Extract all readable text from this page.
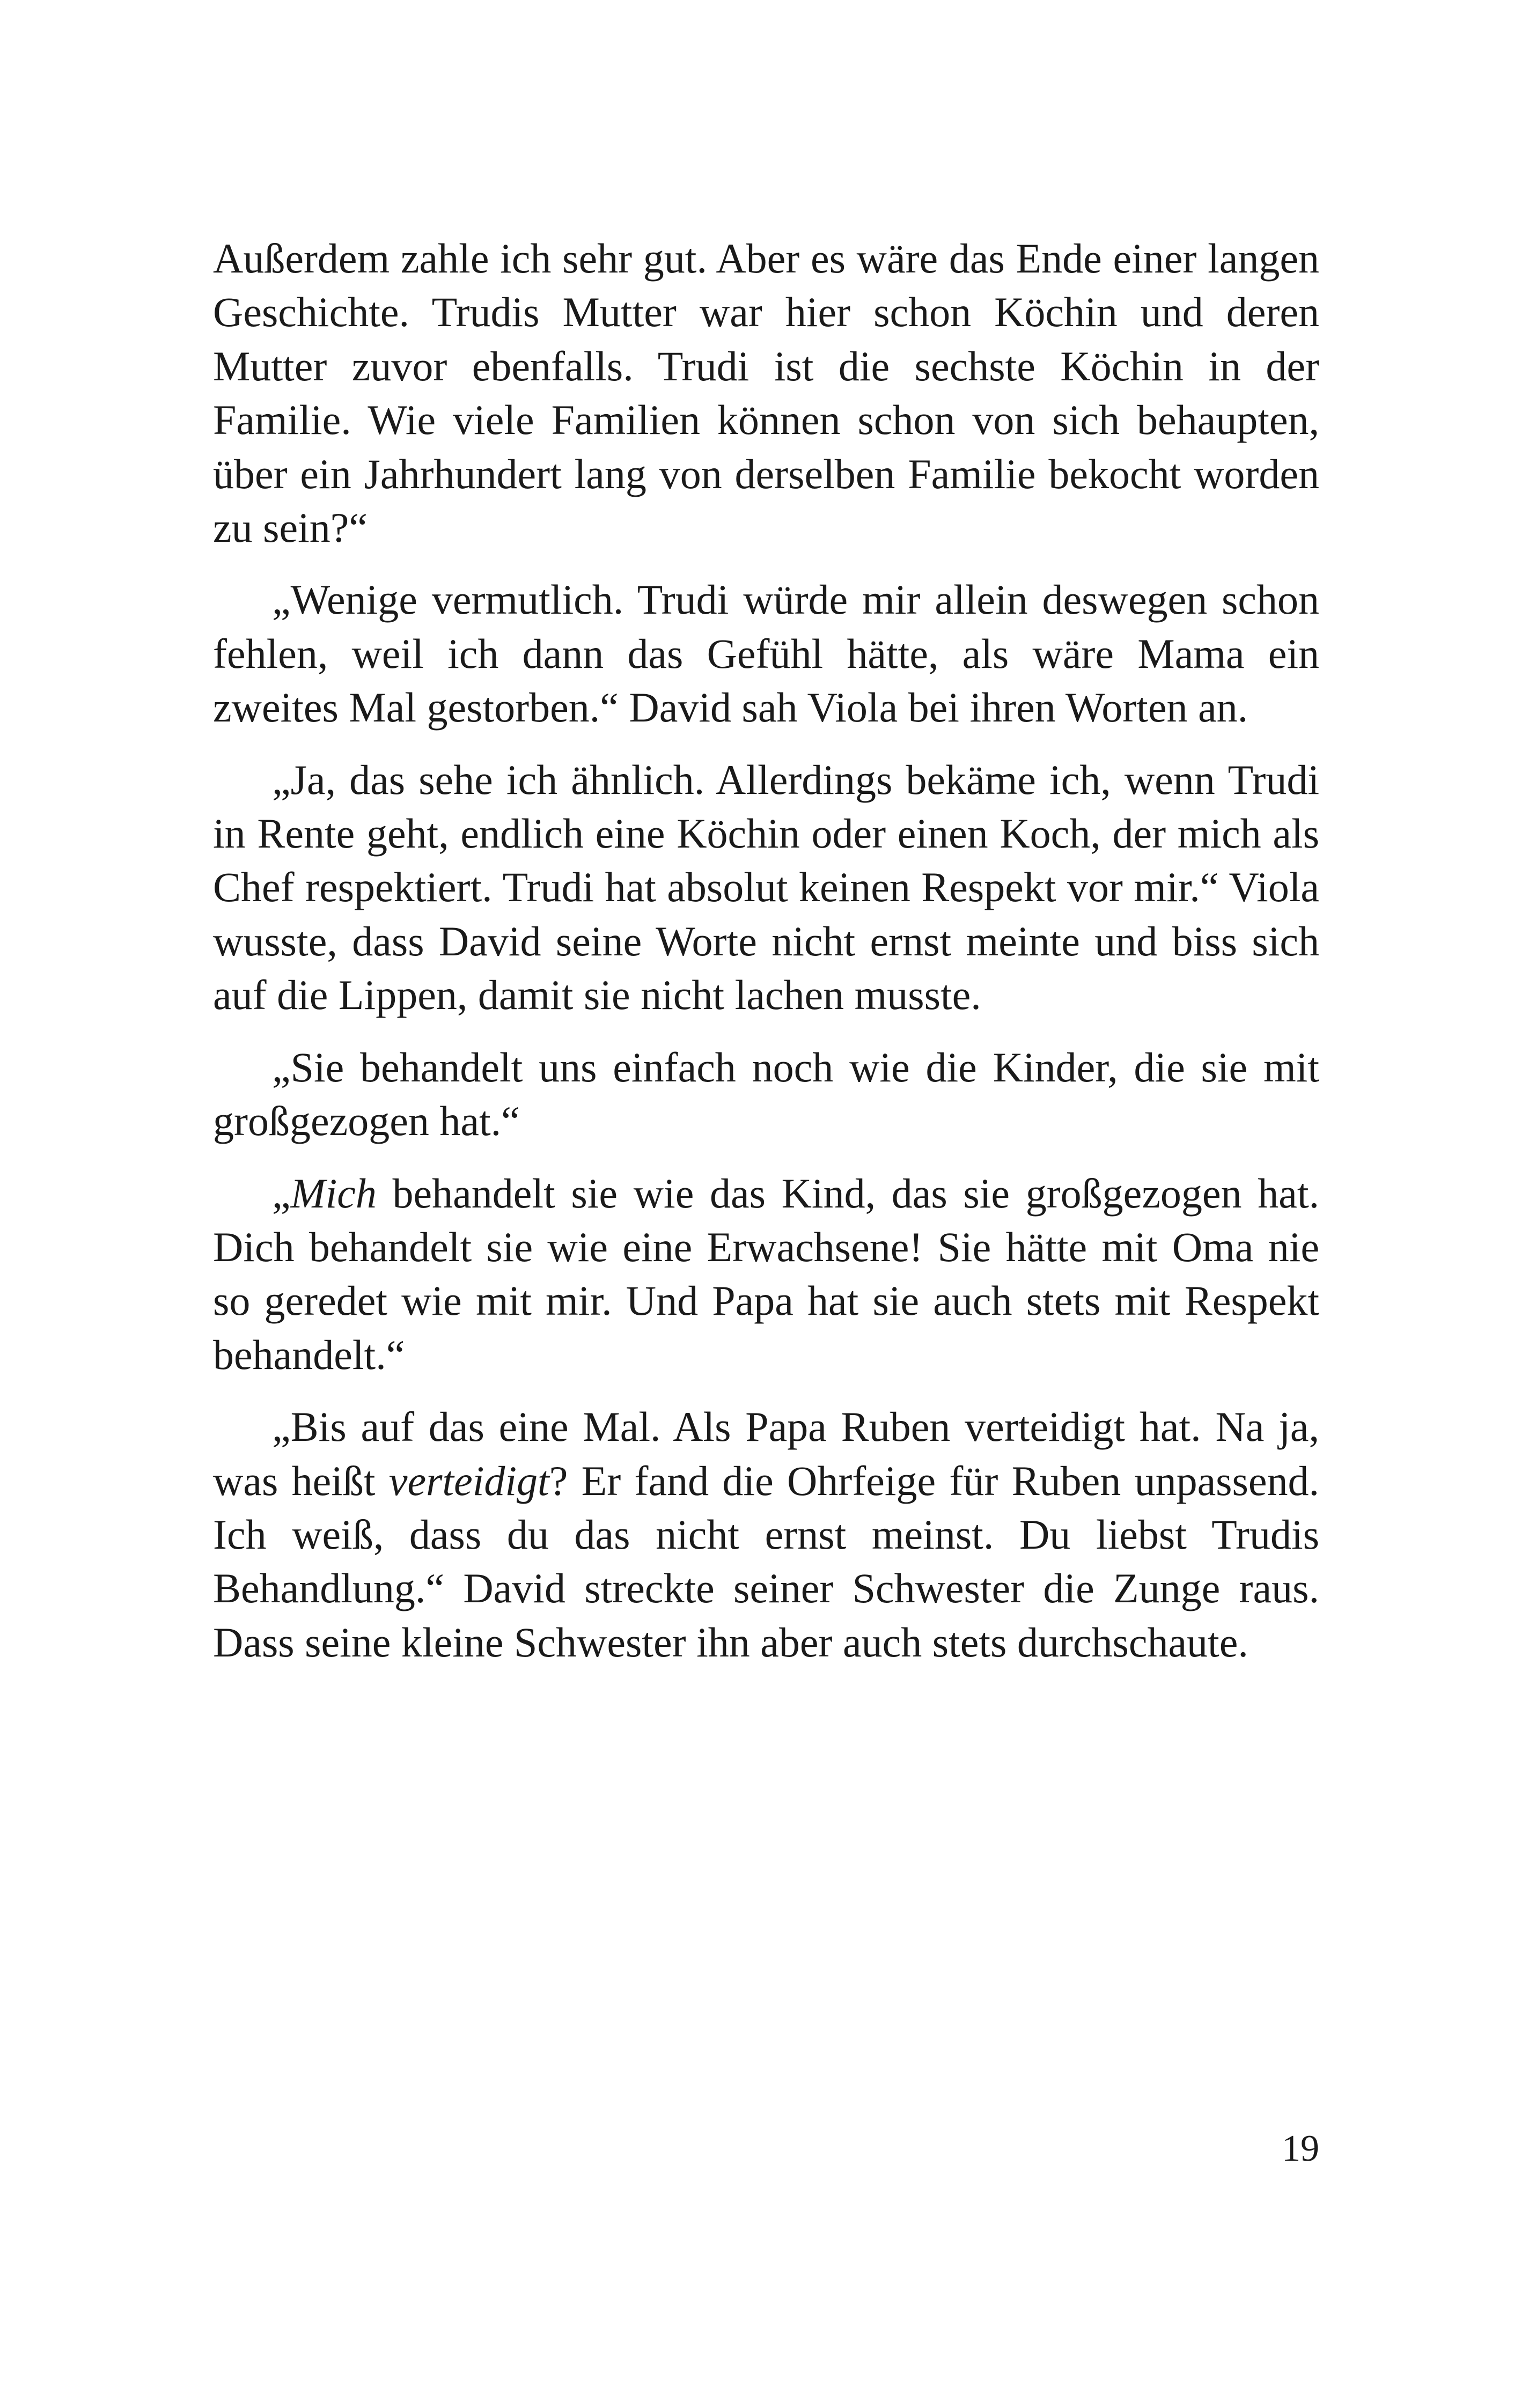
Außerdem zahle ich sehr gut. Aber es wäre das Ende einer langen Geschichte. Trudis Mutter war hier schon Köchin und deren Mutter zuvor ebenfalls. Trudi ist die sechste Köchin in der Familie. Wie viele Familien können schon von sich behaupten, über ein Jahrhundert lang von derselben Familie bekocht worden zu sein?“

„Wenige vermutlich. Trudi würde mir allein deswegen schon fehlen, weil ich dann das Gefühl hätte, als wäre Mama ein zweites Mal gestorben.“ David sah Viola bei ihren Worten an.

„Ja, das sehe ich ähnlich. Allerdings bekäme ich, wenn Trudi in Rente geht, endlich eine Köchin oder einen Koch, der mich als Chef respektiert. Trudi hat absolut keinen Respekt vor mir.“ Viola wusste, dass David seine Worte nicht ernst meinte und biss sich auf die Lippen, damit sie nicht lachen musste.

„Sie behandelt uns einfach noch wie die Kinder, die sie mit großgezogen hat.“

„Mich behandelt sie wie das Kind, das sie großgezogen hat. Dich behandelt sie wie eine Erwachsene! Sie hätte mit Oma nie so geredet wie mit mir. Und Papa hat sie auch stets mit Respekt behandelt.“

„Bis auf das eine Mal. Als Papa Ruben verteidigt hat. Na ja, was heißt verteidigt? Er fand die Ohrfeige für Ruben unpassend. Ich weiß, dass du das nicht ernst meinst. Du liebst Trudis Behandlung.“ David streckte seiner Schwester die Zunge raus. Dass seine kleine Schwester ihn aber auch stets durchschaute.

19
